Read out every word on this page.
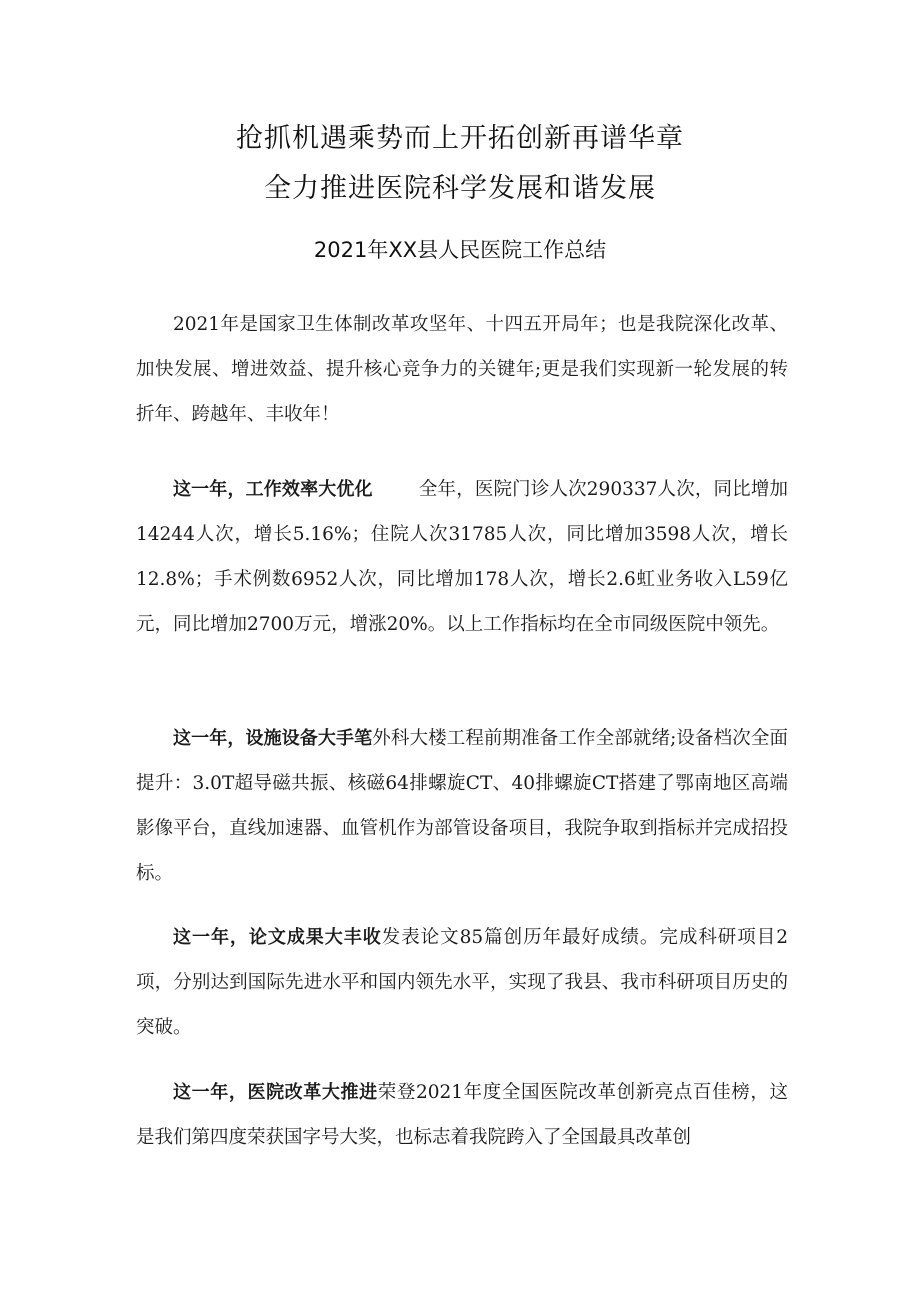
抢抓机遇乘势而上开拓创新再谱华章
全力推进医院科学发展和谐发展
2021年XX县人民医院工作总结

2021年是国家卫生体制改革攻坚年、十四五开局年；也是我院深化改革、加快发展、增进效益、提升核心竞争力的关键年;更是我们实现新一轮发展的转折年、跨越年、丰收年！

这一年，工作效率大优化 全年，医院门诊人次290337人次，同比增加14244人次，增长5.16%；住院人次31785人次，同比增加3598人次，增长12.8%；手术例数6952人次，同比增加178人次，增长2.6虹业务收入L59亿元，同比增加2700万元，增涨20%。以上工作指标均在全市同级医院中领先。

这一年，设施设备大手笔外科大楼工程前期准备工作全部就绪;设备档次全面提升：3.0T超导磁共振、核磁64排螺旋CT、40排螺旋CT搭建了鄂南地区高端影像平台，直线加速器、血管机作为部管设备项目，我院争取到指标并完成招投标。

这一年，论文成果大丰收发表论文85篇创历年最好成绩。完成科研项目2项，分别达到国际先进水平和国内领先水平，实现了我县、我市科研项目历史的突破。

这一年，医院改革大推进荣登2021年度全国医院改革创新亮点百佳榜，这是我们第四度荣获国字号大奖，也标志着我院跨入了全国最具改革创
